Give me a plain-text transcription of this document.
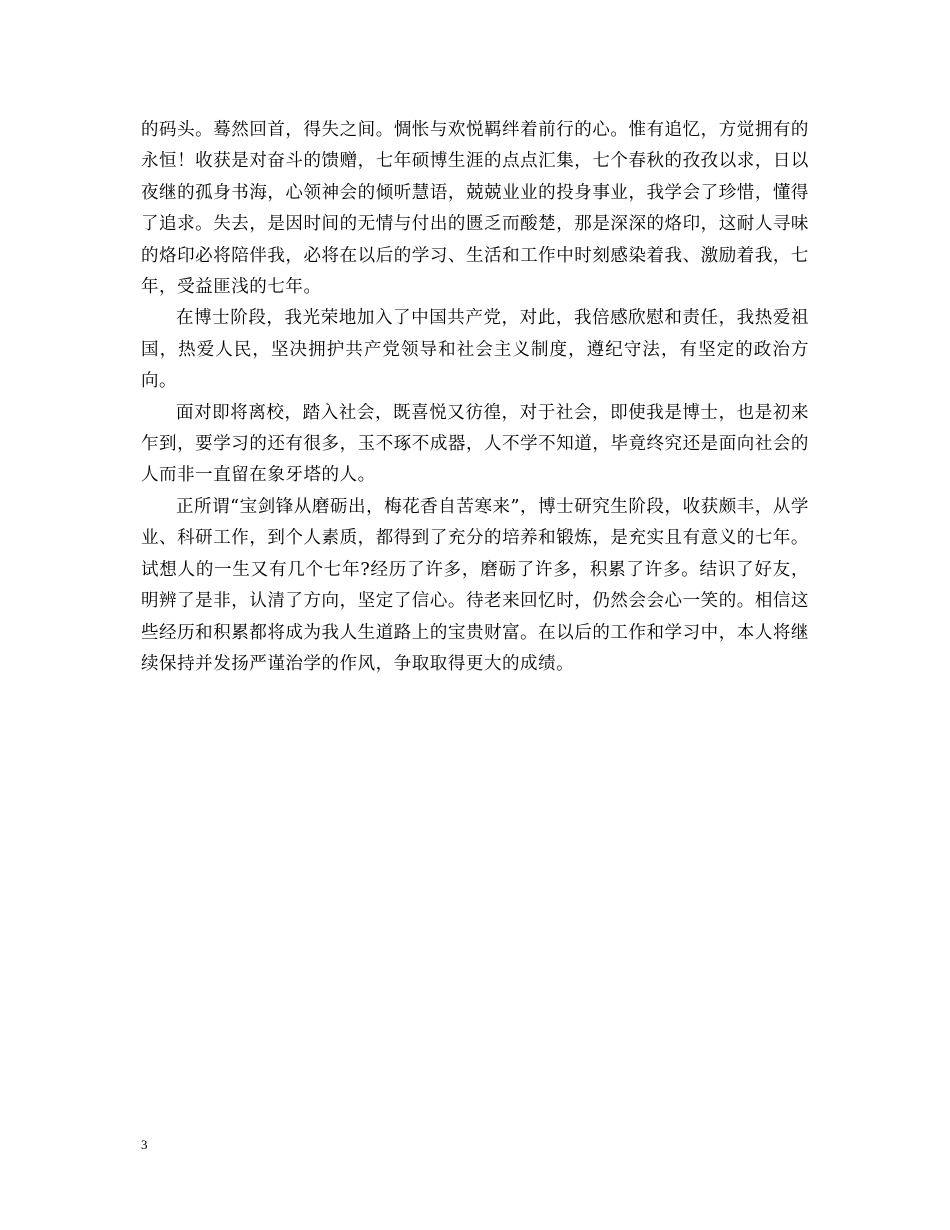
的码头。蓦然回首，得失之间。惆怅与欢悦羁绊着前行的心。惟有追忆，方觉拥有的永恒！收获是对奋斗的馈赠，七年硕博生涯的点点汇集，七个春秋的孜孜以求，日以夜继的孤身书海，心领神会的倾听慧语，兢兢业业的投身事业，我学会了珍惜，懂得了追求。失去，是因时间的无情与付出的匮乏而酸楚，那是深深的烙印，这耐人寻味的烙印必将陪伴我，必将在以后的学习、生活和工作中时刻感染着我、激励着我，七年，受益匪浅的七年。

在博士阶段，我光荣地加入了中国共产党，对此，我倍感欣慰和责任，我热爱祖国，热爱人民，坚决拥护共产党领导和社会主义制度，遵纪守法，有坚定的政治方向。

面对即将离校，踏入社会，既喜悦又彷徨，对于社会，即使我是博士，也是初来乍到，要学习的还有很多，玉不琢不成器，人不学不知道，毕竟终究还是面向社会的人而非一直留在象牙塔的人。

正所谓“宝剑锋从磨砺出，梅花香自苦寒来”，博士研究生阶段，收获颇丰，从学业、科研工作，到个人素质，都得到了充分的培养和锻炼，是充实且有意义的七年。试想人的一生又有几个七年?经历了许多，磨砺了许多，积累了许多。结识了好友，明辨了是非，认清了方向，坚定了信心。待老来回忆时，仍然会会心一笑的。相信这些经历和积累都将成为我人生道路上的宝贵财富。在以后的工作和学习中，本人将继续保持并发扬严谨治学的作风，争取取得更大的成绩。

3
